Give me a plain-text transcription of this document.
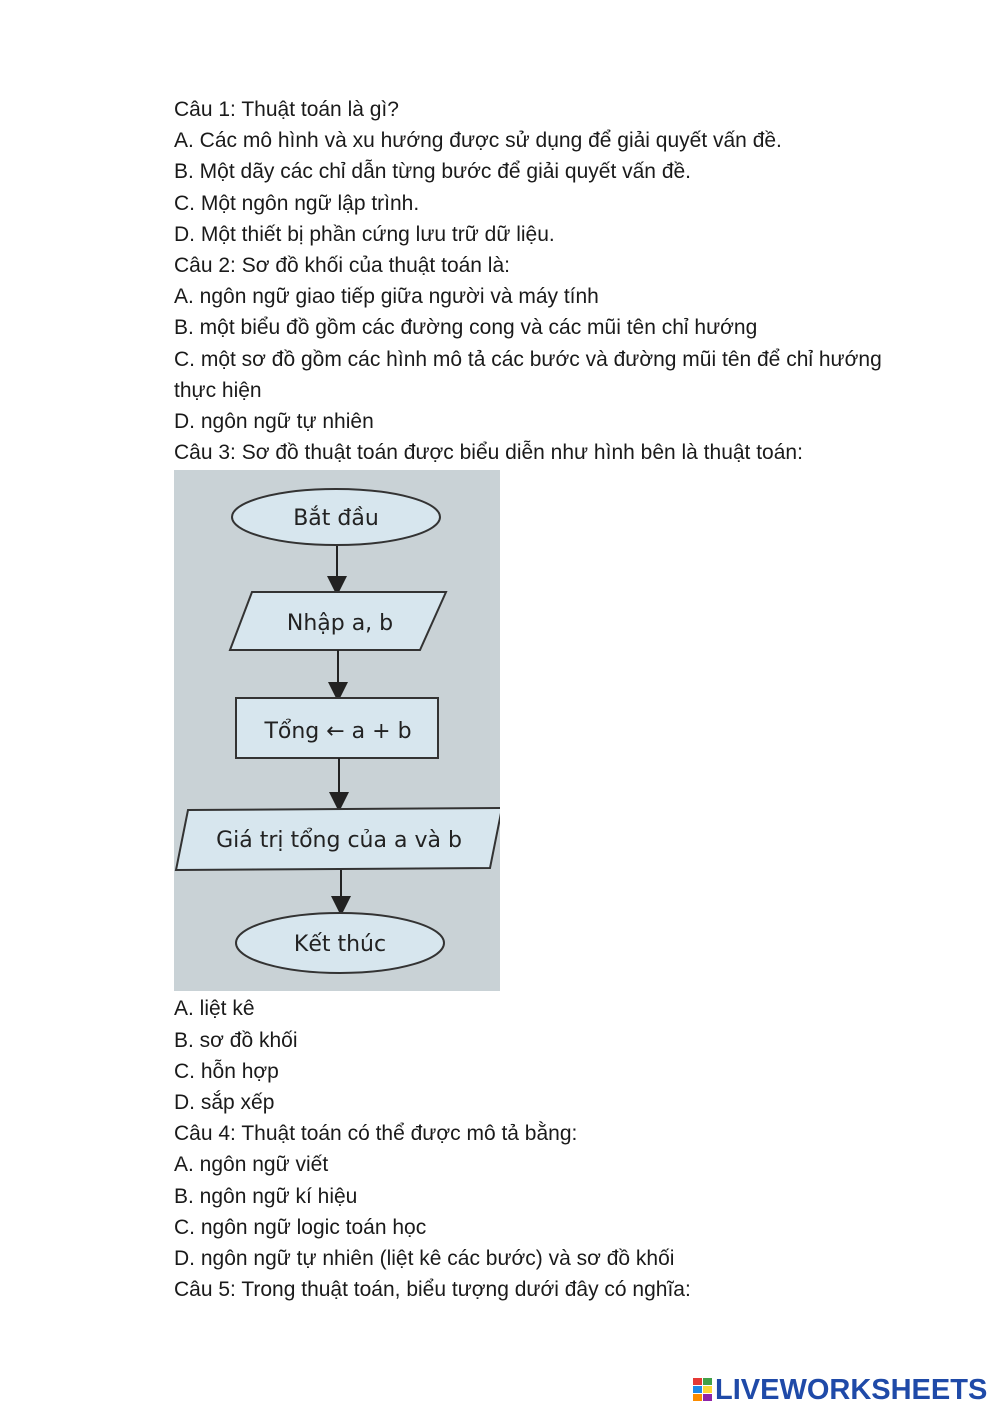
Câu 1: Thuật toán là gì?
A. Các mô hình và xu hướng được sử dụng để giải quyết vấn đề.
B. Một dãy các chỉ dẫn từng bước để giải quyết vấn đề.
C. Một ngôn ngữ lập trình.
D. Một thiết bị phần cứng lưu trữ dữ liệu.
Câu 2: Sơ đồ khối của thuật toán là:
A. ngôn ngữ giao tiếp giữa người và máy tính
B. một biểu đồ gồm các đường cong và các mũi tên chỉ hướng
C. một sơ đồ gồm các hình mô tả các bước và đường mũi tên để chỉ hướng thực hiện
D. ngôn ngữ tự nhiên
Câu 3: Sơ đồ thuật toán được biểu diễn như hình bên là thuật toán:
Bắt đầu
Nhập a, b
Tổng ← a + b
Giá trị tổng của a và b
Kết thúc
A. liệt kê
B. sơ đồ khối
C. hỗn hợp
D. sắp xếp
Câu 4: Thuật toán có thể được mô tả bằng:
A. ngôn ngữ viết
B. ngôn ngữ kí hiệu
C. ngôn ngữ logic toán học
D. ngôn ngữ tự nhiên (liệt kê các bước) và sơ đồ khối
Câu 5: Trong thuật toán, biểu tượng dưới đây có nghĩa:
LIVEWORKSHEETS
